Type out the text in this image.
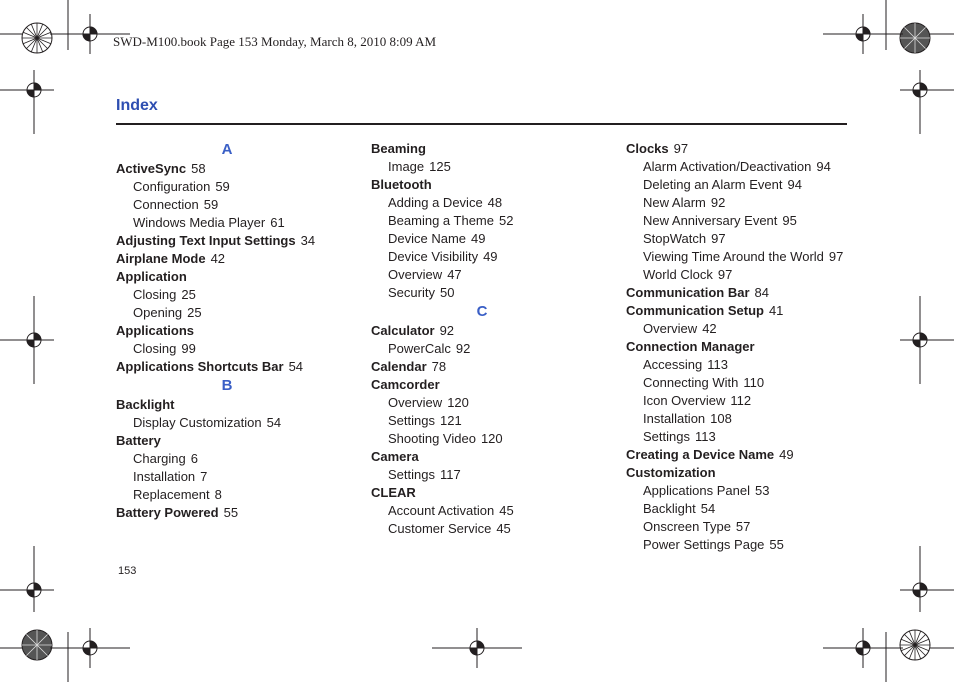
SWD-M100.book Page 153 Monday, March 8, 2010 8:09 AM
Index
A
ActiveSync 58
Configuration 59
Connection 59
Windows Media Player 61
Adjusting Text Input Settings 34
Airplane Mode 42
Application
Closing 25
Opening 25
Applications
Closing 99
Applications Shortcuts Bar 54
B
Backlight
Display Customization 54
Battery
Charging 6
Installation 7
Replacement 8
Battery Powered 55
Beaming
Image 125
Bluetooth
Adding a Device 48
Beaming a Theme 52
Device Name 49
Device Visibility 49
Overview 47
Security 50
C
Calculator 92
PowerCalc 92
Calendar 78
Camcorder
Overview 120
Settings 121
Shooting Video 120
Camera
Settings 117
CLEAR
Account Activation 45
Customer Service 45
Clocks 97
Alarm Activation/Deactivation 94
Deleting an Alarm Event 94
New Alarm 92
New Anniversary Event 95
StopWatch 97
Viewing Time Around the World 97
World Clock 97
Communication Bar 84
Communication Setup 41
Overview 42
Connection Manager
Accessing 113
Connecting With 110
Icon Overview 112
Installation 108
Settings 113
Creating a Device Name 49
Customization
Applications Panel 53
Backlight 54
Onscreen Type 57
Power Settings Page 55
153
